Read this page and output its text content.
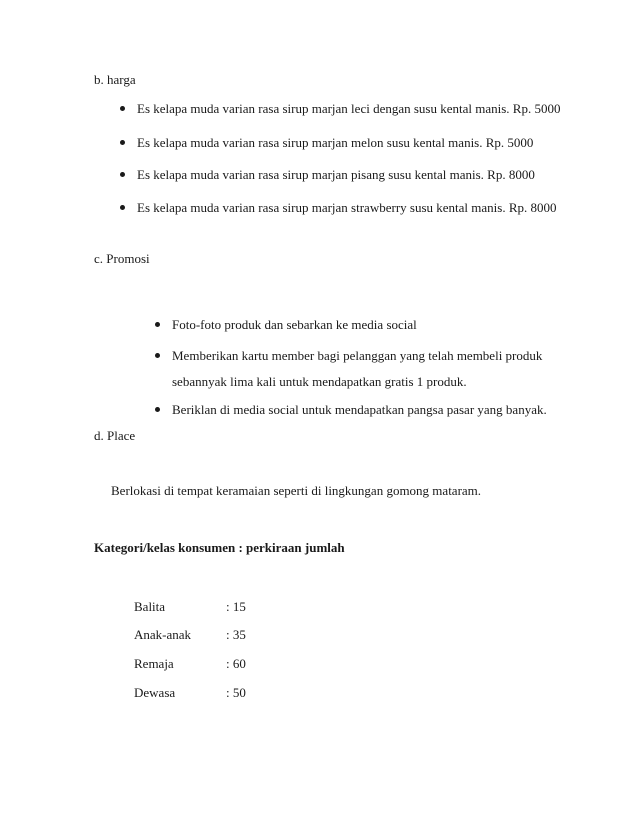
b. harga
Es kelapa muda varian rasa sirup marjan leci dengan susu kental manis. Rp. 5000
Es kelapa muda varian rasa sirup marjan melon susu kental manis. Rp. 5000
Es kelapa muda varian rasa sirup marjan pisang susu kental manis. Rp. 8000
Es kelapa muda varian rasa sirup marjan strawberry susu kental manis. Rp. 8000
c. Promosi
Foto-foto produk dan sebarkan ke media social
Memberikan kartu member bagi pelanggan yang telah membeli produk
sebannyak lima kali untuk mendapatkan gratis 1 produk.
Beriklan di media social untuk mendapatkan pangsa pasar yang banyak.
d. Place
Berlokasi di tempat keramaian seperti di lingkungan gomong mataram.
Kategori/kelas konsumen : perkiraan jumlah
Balita	: 15
Anak-anak	: 35
Remaja	: 60
Dewasa	: 50
